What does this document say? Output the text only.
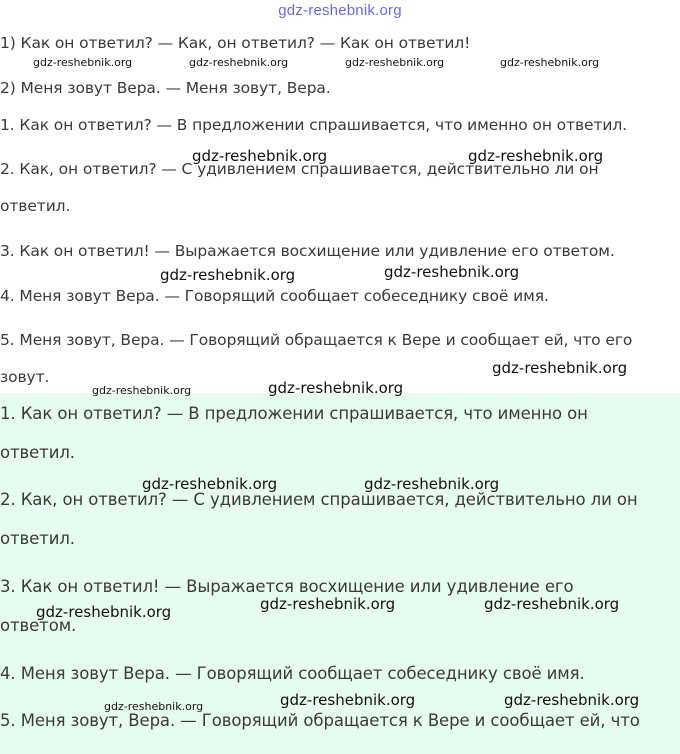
gdz-reshebnik.org
1) Как он ответил? — Как, он ответил? — Как он ответил!
2) Меня зовут Вера. — Меня зовут, Вера.
1. Как он ответил? — В предложении спрашивается, что именно он ответил.
2. Как, он ответил? — С удивлением спрашивается, действительно ли он
ответил.
3. Как он ответил! — Выражается восхищение или удивление его ответом.
4. Меня зовут Вера. — Говорящий сообщает собеседнику своё имя.
5. Меня зовут, Вера. — Говорящий обращается к Вере и сообщает ей, что его
зовут.
1. Как он ответил? — В предложении спрашивается, что именно он
ответил.
2. Как, он ответил? — С удивлением спрашивается, действительно ли он
ответил.
3. Как он ответил! — Выражается восхищение или удивление его
ответом.
4. Меня зовут Вера. — Говорящий сообщает собеседнику своё имя.
5. Меня зовут, Вера. — Говорящий обращается к Вере и сообщает ей, что
gdz-reshebnik.org	gdz-reshebnik.org	gdz-reshebnik.org	gdz-reshebnik.org
gdz-reshebnik.org
gdz-reshebnik.org
gdz-reshebnik.org	gdz-reshebnik.org
gdz-reshebnik.org	gdz-reshebnik.org
gdz-reshebnik.org
gdz-reshebnik.org
gdz-reshebnik.org	gdz-reshebnik.org
gdz-reshebnik.org	gdz-reshebnik.org
gdz-reshebnik.org
gdz-reshebnik.org	gdz-reshebnik.org
